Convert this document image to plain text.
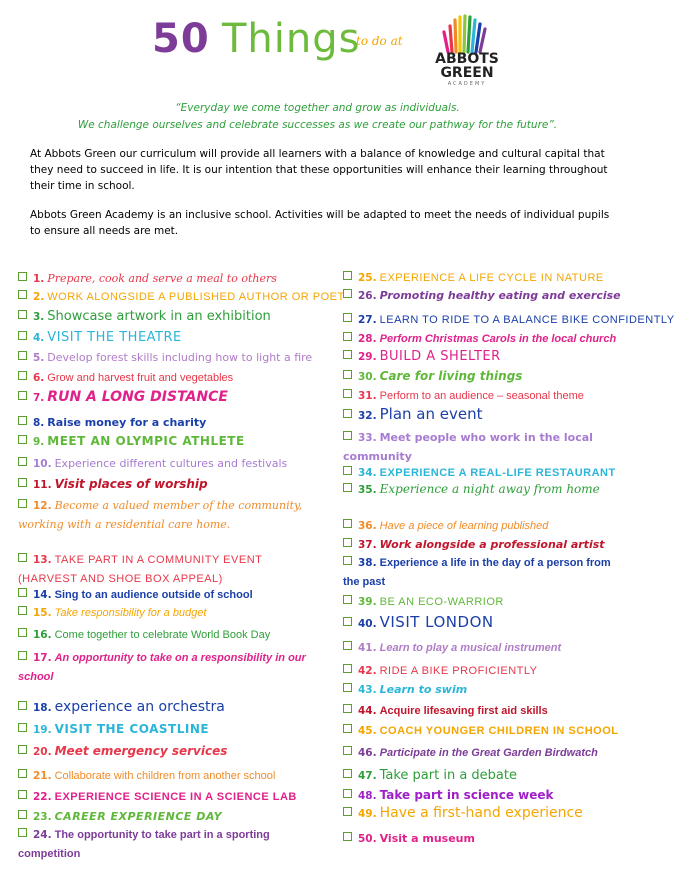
50 Things
to do at
ABBOTS
GREEN
ACADEMY
“Everyday we come together and grow as individuals.
We challenge ourselves and celebrate successes as we create our pathway for the future”.
At Abbots Green our curriculum will provide all learners with a balance of knowledge and cultural capital that they need to succeed in life. It is our intention that these opportunities will enhance their learning throughout their time in school.
Abbots Green Academy is an inclusive school. Activities will be adapted to meet the needs of individual pupils to ensure all needs are met.
1. Prepare, cook and serve a meal to others
2. WORK ALONGSIDE A PUBLISHED AUTHOR OR POET
3. Showcase artwork in an exhibition
4. VISIT THE THEATRE
5. Develop forest skills including how to light a fire
6. Grow and harvest fruit and vegetables
7. RUN A LONG DISTANCE
8. Raise money for a charity
9. MEET AN OLYMPIC ATHLETE
10. Experience different cultures and festivals
11. Visit places of worship
12. Become a valued member of the community, working with a residential care home.
13. TAKE PART IN A COMMUNITY EVENT (HARVEST AND SHOE BOX APPEAL)
14. Sing to an audience outside of school
15. Take responsibility for a budget
16. Come together to celebrate World Book Day
17. An opportunity to take on a responsibility in our school
18. experience an orchestra
19. VISIT THE COASTLINE
20. Meet emergency services
21. Collaborate with children from another school
22. EXPERIENCE SCIENCE IN A SCIENCE LAB
23. CAREER EXPERIENCE DAY
24. The opportunity to take part in a sporting competition
25. EXPERIENCE A LIFE CYCLE IN NATURE
26. Promoting healthy eating and exercise
27. LEARN TO RIDE TO A BALANCE BIKE CONFIDENTLY
28. Perform Christmas Carols in the local church
29. BUILD A SHELTER
30. Care for living things
31. Perform to an audience – seasonal theme
32. Plan an event
33. Meet people who work in the local community
34. EXPERIENCE A REAL-LIFE RESTAURANT
35. Experience a night away from home
36. Have a piece of learning published
37. Work alongside a professional artist
38. Experience a life in the day of a person from the past
39. BE AN ECO-WARRIOR
40. VISIT LONDON
41. Learn to play a musical instrument
42. RIDE A BIKE PROFICIENTLY
43. Learn to swim
44. Acquire lifesaving first aid skills
45. COACH YOUNGER CHILDREN IN SCHOOL
46. Participate in the Great Garden Birdwatch
47. Take part in a debate
48. Take part in science week
49. Have a first-hand experience
50. Visit a museum
